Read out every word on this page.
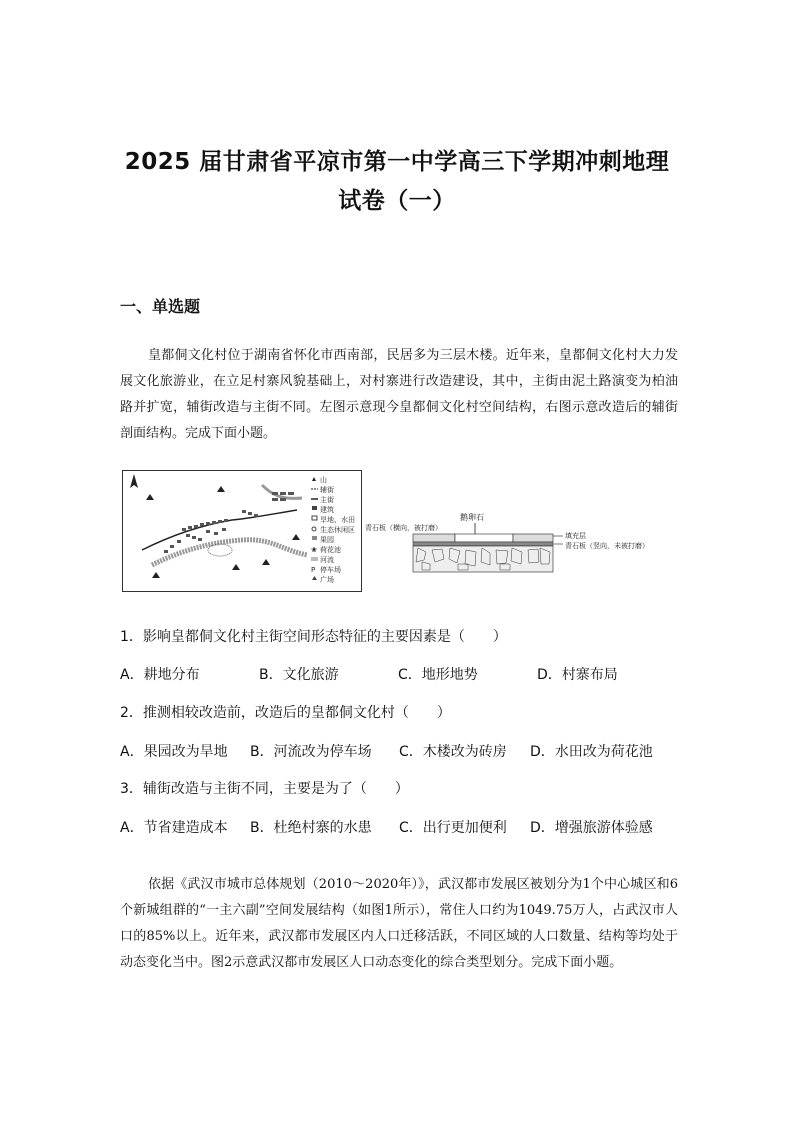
2025 届甘肃省平凉市第一中学高三下学期冲刺地理
试卷（一）
一、单选题
皇都侗文化村位于湖南省怀化市西南部，民居多为三层木楼。近年来，皇都侗文化村大力发展文化旅游业，在立足村寨风貌基础上，对村寨进行改造建设，其中，主街由泥土路演变为柏油路并扩宽，辅街改造与主街不同。左图示意现今皇都侗文化村空间结构，右图示意改造后的辅街剖面结构。完成下面小题。
山
辅街
主街
建筑
旱地、水田
生态休闲区
果园
荷花池
河流
停车场
广场
❀
P
鹅卵石
青石板（横向，被打磨）
填充层
青石板（竖向，未被打磨）
1．影响皇都侗文化村主街空间形态特征的主要因素是（　　）
A．耕地分布	B．文化旅游	C．地形地势	D．村寨布局
2．推测相较改造前，改造后的皇都侗文化村（　　）
A．果园改为旱地 B．河流改为停车场 C．木楼改为砖房 D．水田改为荷花池
3．辅街改造与主街不同，主要是为了（　　）
A．节省建造成本 B．杜绝村寨的水患 C．出行更加便利 D．增强旅游体验感
依据《武汉市城市总体规划（2010～2020年）》，武汉都市发展区被划分为1个中心城区和6个新城组群的“一主六副”空间发展结构（如图1所示），常住人口约为1049.75万人，占武汉市人口的85%以上。近年来，武汉都市发展区内人口迁移活跃，不同区域的人口数量、结构等均处于动态变化当中。图2示意武汉都市发展区人口动态变化的综合类型划分。完成下面小题。
